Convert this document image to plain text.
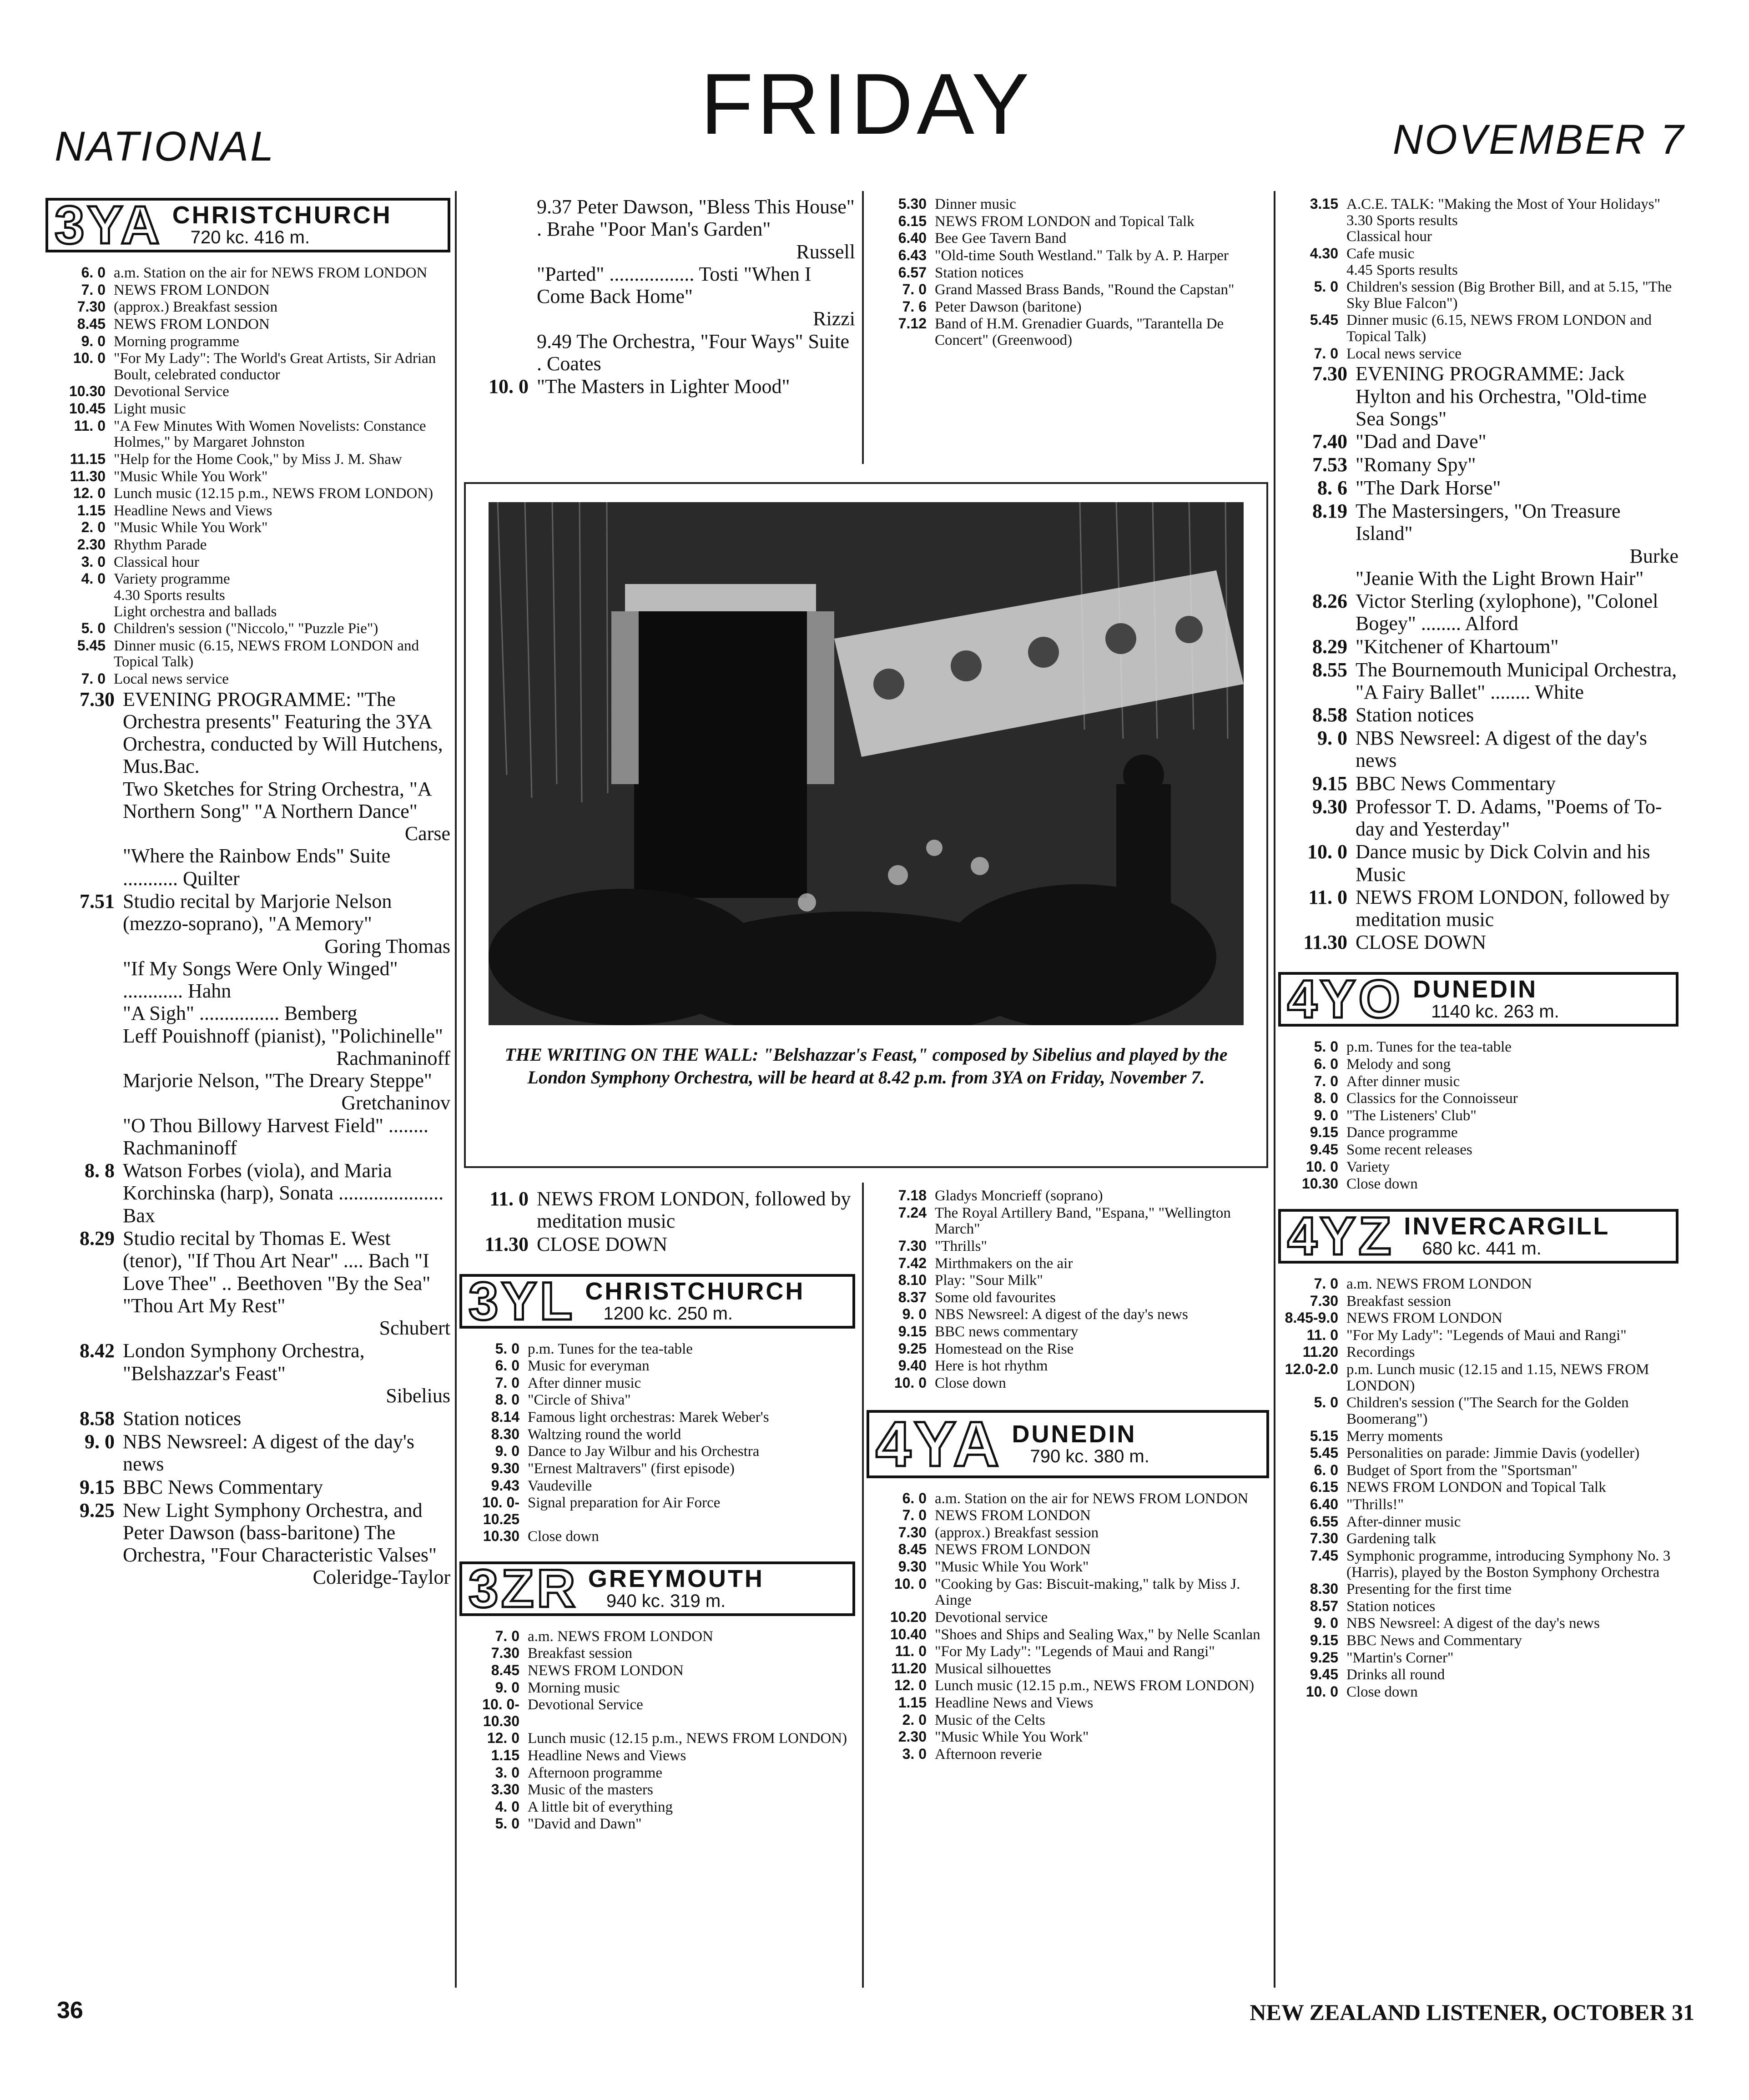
NATIONAL	FRIDAY	NOVEMBER 7
3YA CHRISTCHURCH
720 kc. 416 m.
6. 0 a.m. Station on the air for NEWS FROM LONDON
7. 0 NEWS FROM LONDON
7.30 (approx.) Breakfast session
8.45 NEWS FROM LONDON
9. 0 Morning programme
10. 0 "For My Lady": The World's Great Artists, Sir Adrian Boult, celebrated conductor
10.30 Devotional Service
10.45 Light music
11. 0 "A Few Minutes With Women Novelists: Constance Holmes," by Margaret Johnston
11.15 "Help for the Home Cook," by Miss J. M. Shaw
11.30 "Music While You Work"
12. 0 Lunch music (12.15 p.m., NEWS FROM LONDON)
1.15 Headline News and Views
2. 0 "Music While You Work"
2.30 Rhythm Parade
3. 0 Classical hour
4. 0 Variety programme
4.30 Sports results
Light orchestra and ballads
5. 0 Children's session ("Niccolo," "Puzzle Pie")
5.45 Dinner music (6.15, NEWS FROM LONDON and Topical Talk)
7. 0 Local news service
7.30 EVENING PROGRAMME: "The Orchestra presents" Featuring the 3YA Orchestra, conducted by Will Hutchens, Mus.Bac.
Two Sketches for String Orchestra, "A Northern Song" "A Northern Dance"
Carse
"Where the Rainbow Ends" Suite ........... Quilter
7.51 Studio recital by Marjorie Nelson (mezzo-soprano), "A Memory"
Goring Thomas
"If My Songs Were Only Winged" ............ Hahn
"A Sigh" ................ Bemberg
Leff Pouishnoff (pianist), "Polichinelle"
Rachmaninoff
Marjorie Nelson, "The Dreary Steppe"
Gretchaninov
"O Thou Billowy Harvest Field" ........ Rachmaninoff
8. 8 Watson Forbes (viola), and Maria Korchinska (harp), Sonata ..................... Bax
8.29 Studio recital by Thomas E. West (tenor), "If Thou Art Near" .... Bach "I Love Thee" .. Beethoven "By the Sea" "Thou Art My Rest"
Schubert
8.42 London Symphony Orchestra, "Belshazzar's Feast"
Sibelius
8.58 Station notices
9. 0 NBS Newsreel: A digest of the day's news
9.15 BBC News Commentary
9.25 New Light Symphony Orchestra, and Peter Dawson (bass-baritone) The Orchestra, "Four Characteristic Valses"
Coleridge-Taylor
9.37 Peter Dawson, "Bless This House" . Brahe "Poor Man's Garden"
Russell
"Parted" ................. Tosti "When I Come Back Home"
Rizzi
9.49 The Orchestra, "Four Ways" Suite . Coates
10. 0 "The Masters in Lighter Mood"
5.30 Dinner music
6.15 NEWS FROM LONDON and Topical Talk
6.40 Bee Gee Tavern Band
6.43 "Old-time South Westland." Talk by A. P. Harper
6.57 Station notices
7. 0 Grand Massed Brass Bands, "Round the Capstan"
7. 6 Peter Dawson (baritone)
7.12 Band of H.M. Grenadier Guards, "Tarantella De Concert" (Greenwood)
THE WRITING ON THE WALL: "Belshazzar's Feast," composed by Sibelius and played by the London Symphony Orchestra, will be heard at 8.42 p.m. from 3YA on Friday, November 7.
11. 0 NEWS FROM LONDON, followed by meditation music
11.30 CLOSE DOWN
3YL CHRISTCHURCH
1200 kc. 250 m.
5. 0 p.m. Tunes for the tea-table
6. 0 Music for everyman
7. 0 After dinner music
8. 0 "Circle of Shiva"
8.14 Famous light orchestras: Marek Weber's
8.30 Waltzing round the world
9. 0 Dance to Jay Wilbur and his Orchestra
9.30 "Ernest Maltravers" (first episode)
9.43 Vaudeville
10. 0-10.25
Signal preparation for Air Force
10.30 Close down
3ZR GREYMOUTH
940 kc. 319 m.
7. 0 a.m. NEWS FROM LONDON
7.30 Breakfast session
8.45 NEWS FROM LONDON
9. 0 Morning music
10. 0-10.30
Devotional Service
12. 0 Lunch music (12.15 p.m., NEWS FROM LONDON)
1.15 Headline News and Views
3. 0 Afternoon programme
3.30 Music of the masters
4. 0 A little bit of everything
5. 0 "David and Dawn"
7.18 Gladys Moncrieff (soprano)
7.24 The Royal Artillery Band, "Espana," "Wellington March"
7.30 "Thrills"
7.42 Mirthmakers on the air
8.10 Play: "Sour Milk"
8.37 Some old favourites
9. 0 NBS Newsreel: A digest of the day's news
9.15 BBC news commentary
9.25 Homestead on the Rise
9.40 Here is hot rhythm
10. 0 Close down
4YA DUNEDIN
790 kc. 380 m.
6. 0 a.m. Station on the air for NEWS FROM LONDON
7. 0 NEWS FROM LONDON
7.30 (approx.) Breakfast session
8.45 NEWS FROM LONDON
9.30 "Music While You Work"
10. 0 "Cooking by Gas: Biscuit-making," talk by Miss J. Ainge
10.20 Devotional service
10.40 "Shoes and Ships and Sealing Wax," by Nelle Scanlan
11. 0 "For My Lady": "Legends of Maui and Rangi"
11.20 Musical silhouettes
12. 0 Lunch music (12.15 p.m., NEWS FROM LONDON)
1.15 Headline News and Views
2. 0 Music of the Celts
2.30 "Music While You Work"
3. 0 Afternoon reverie
3.15 A.C.E. TALK: "Making the Most of Your Holidays"
3.30 Sports results
Classical hour
4.30 Cafe music
4.45 Sports results
5. 0 Children's session (Big Brother Bill, and at 5.15, "The Sky Blue Falcon")
5.45 Dinner music (6.15, NEWS FROM LONDON and Topical Talk)
7. 0 Local news service
7.30 EVENING PROGRAMME: Jack Hylton and his Orchestra, "Old-time Sea Songs"
7.40 "Dad and Dave"
7.53 "Romany Spy"
8. 6 "The Dark Horse"
8.19 The Mastersingers, "On Treasure Island"
Burke
"Jeanie With the Light Brown Hair"
8.26 Victor Sterling (xylophone), "Colonel Bogey" ........ Alford
8.29 "Kitchener of Khartoum"
8.55 The Bournemouth Municipal Orchestra, "A Fairy Ballet" ........ White
8.58 Station notices
9. 0 NBS Newsreel: A digest of the day's news
9.15 BBC News Commentary
9.30 Professor T. D. Adams, "Poems of To-day and Yesterday"
10. 0 Dance music by Dick Colvin and his Music
11. 0 NEWS FROM LONDON, followed by meditation music
11.30 CLOSE DOWN
4YO DUNEDIN
1140 kc. 263 m.
5. 0 p.m. Tunes for the tea-table
6. 0 Melody and song
7. 0 After dinner music
8. 0 Classics for the Connoisseur
9. 0 "The Listeners' Club"
9.15 Dance programme
9.45 Some recent releases
10. 0 Variety
10.30 Close down
4YZ INVERCARGILL
680 kc. 441 m.
7. 0 a.m. NEWS FROM LONDON
7.30 Breakfast session
8.45-9.0 NEWS FROM LONDON
11. 0 "For My Lady": "Legends of Maui and Rangi"
11.20 Recordings
12.0-2.0 p.m. Lunch music (12.15 and 1.15, NEWS FROM LONDON)
5. 0 Children's session ("The Search for the Golden Boomerang")
5.15 Merry moments
5.45 Personalities on parade: Jimmie Davis (yodeller)
6. 0 Budget of Sport from the "Sportsman"
6.15 NEWS FROM LONDON and Topical Talk
6.40 "Thrills!"
6.55 After-dinner music
7.30 Gardening talk
7.45 Symphonic programme, introducing Symphony No. 3 (Harris), played by the Boston Symphony Orchestra
8.30 Presenting for the first time
8.57 Station notices
9. 0 NBS Newsreel: A digest of the day's news
9.15 BBC News and Commentary
9.25 "Martin's Corner"
9.45 Drinks all round
10. 0 Close down
36	NEW ZEALAND LISTENER, OCTOBER 31
